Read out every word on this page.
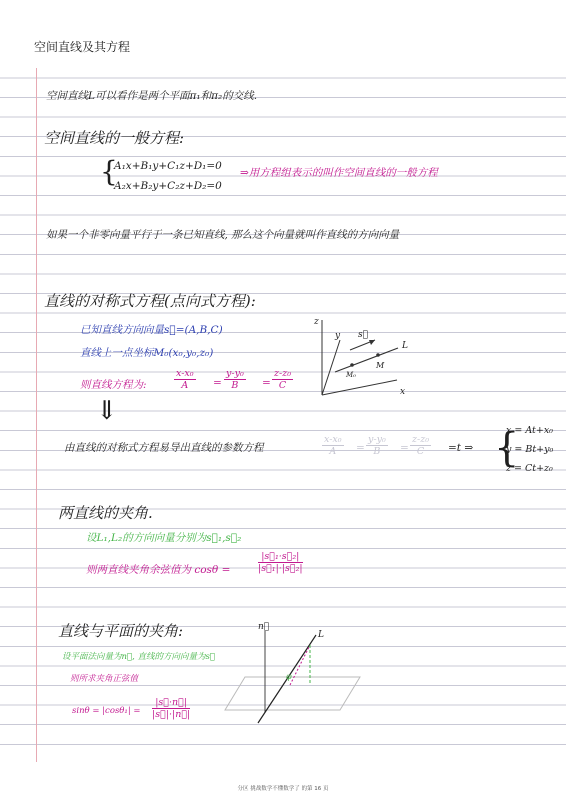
空间直线及其方程
空间直线L可以看作是两个平面π₁和π₂的交线.
空间直线的一般方程:
{
A₁x+B₁y+C₁z+D₁=0
A₂x+B₂y+C₂z+D₂=0
⇒用方程组表示的叫作空间直线的一般方程
如果一个非零向量平行于一条已知直线, 那么这个向量就叫作直线的方向向量
直线的对称式方程(点向式方程):
已知直线方向向量s⃗=(A,B,C)
直线上一点坐标M₀(x₀,y₀,z₀)
则直线方程为:	$\frac{\text{x-x₀}}{A} = \frac{\text{y-y₀}}{B} = \frac{\text{z-z₀}}{C}$
z
y
x
s⃗
L
M
M₀
⇓
由直线的对称式方程易导出直线的参数方程	$\frac{\text{x-x₀}}{A} = \frac{\text{y-y₀}}{B} = \frac{\text{z-z₀}}{C} =t$ ⇒ {
x = At+x₀
y = Bt+y₀
z = Ct+z₀
两直线的夹角.
设L₁,L₂的方向向量分别为s⃗₁,s⃗₂
则两直线夹角余弦值为 cosθ =	$\frac{\text{|s⃗₁·s⃗₂|}}{\text{|s⃗₁|·|s⃗₂|}}$
直线与平面的夹角:
设平面法向量为n⃗, 直线的方向向量为s⃗
则所求夹角正弦值
$\sin\theta = |\cos\theta_1| = \frac{|s⃗\cdot n⃗|}{|s⃗|\cdot|n⃗|}$
n⃗
L
φ
分区 挑战数学不懂数学了 的第 16 页
